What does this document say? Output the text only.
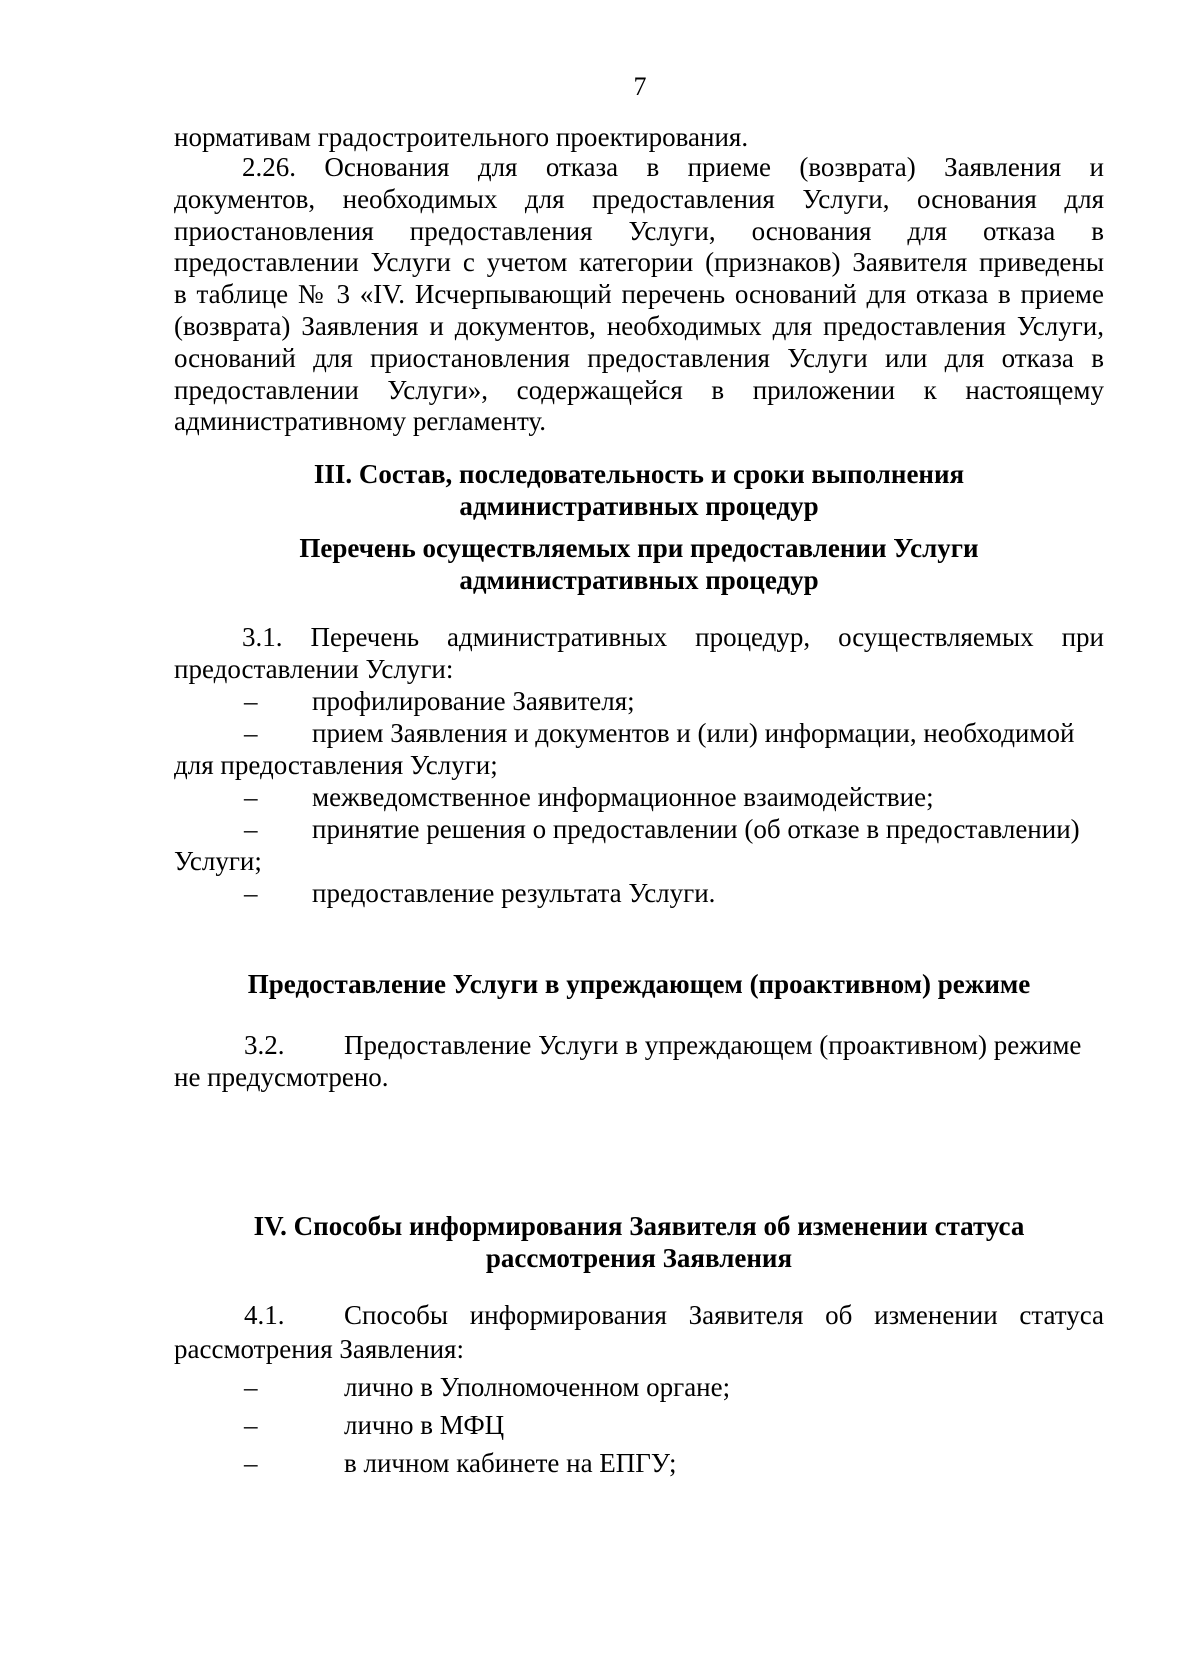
7
нормативам градостроительного проектирования.
2.26. Основания для отказа в приеме (возврата) Заявления и
документов, необходимых для предоставления Услуги, основания для
приостановления предоставления Услуги, основания для отказа в
предоставлении Услуги с учетом категории (признаков) Заявителя приведены
в таблице № 3 «IV. Исчерпывающий перечень оснований для отказа в приеме
(возврата) Заявления и документов, необходимых для предоставления Услуги,
оснований для приостановления предоставления Услуги или для отказа в
предоставлении Услуги», содержащейся в приложении к настоящему
административному регламенту.
III. Состав, последовательность и сроки выполнения
административных процедур
Перечень осуществляемых при предоставлении Услуги
административных процедур
3.1. Перечень административных процедур, осуществляемых при
предоставлении Услуги:
– профилирование Заявителя;
– прием Заявления и документов и (или) информации, необходимой
для предоставления Услуги;
– межведомственное информационное взаимодействие;
– принятие решения о предоставлении (об отказе в предоставлении)
Услуги;
– предоставление результата Услуги.
Предоставление Услуги в упреждающем (проактивном) режиме
3.2. Предоставление Услуги в упреждающем (проактивном) режиме
не предусмотрено.
IV. Способы информирования Заявителя об изменении статуса
рассмотрения Заявления
4.1. Способы информирования Заявителя об изменении статуса
рассмотрения Заявления:
–	лично в Уполномоченном органе;
–	лично в МФЦ
–	в личном кабинете на ЕПГУ;
